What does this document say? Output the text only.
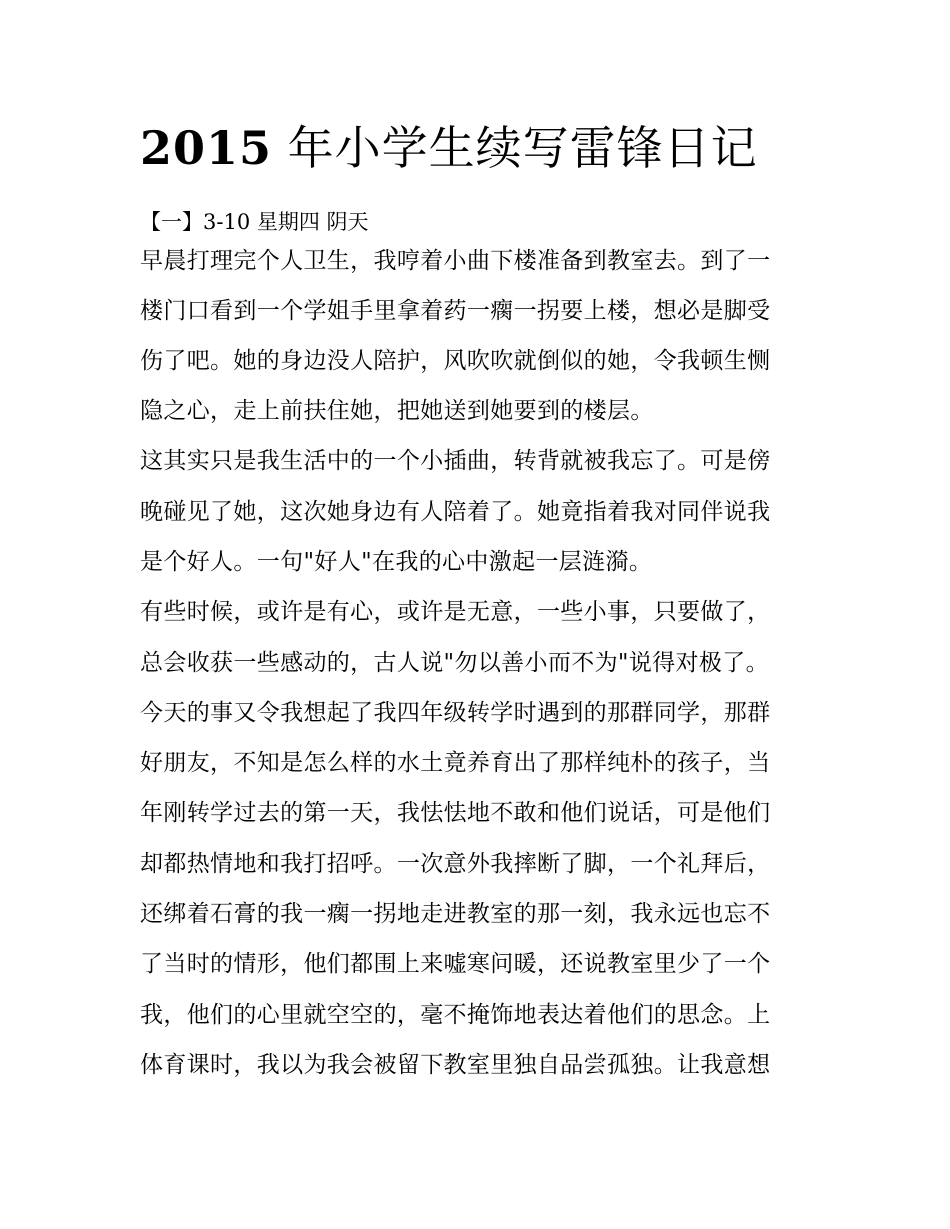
2015 年小学生续写雷锋日记

【一】3-10 星期四 阴天

早晨打理完个人卫生，我哼着小曲下楼准备到教室去。到了一

楼门口看到一个学姐手里拿着药一瘸一拐要上楼，想必是脚受

伤了吧。她的身边没人陪护，风吹吹就倒似的她，令我顿生恻

隐之心，走上前扶住她，把她送到她要到的楼层。

这其实只是我生活中的一个小插曲，转背就被我忘了。可是傍

晚碰见了她，这次她身边有人陪着了。她竟指着我对同伴说我

是个好人。一句"好人"在我的心中激起一层涟漪。

有些时候，或许是有心，或许是无意，一些小事，只要做了，

总会收获一些感动的，古人说"勿以善小而不为"说得对极了。

今天的事又令我想起了我四年级转学时遇到的那群同学，那群

好朋友，不知是怎么样的水土竟养育出了那样纯朴的孩子，当

年刚转学过去的第一天，我怯怯地不敢和他们说话，可是他们

却都热情地和我打招呼。一次意外我摔断了脚，一个礼拜后，

还绑着石膏的我一瘸一拐地走进教室的那一刻，我永远也忘不

了当时的情形，他们都围上来嘘寒问暖，还说教室里少了一个

我，他们的心里就空空的，毫不掩饰地表达着他们的思念。上

体育课时，我以为我会被留下教室里独自品尝孤独。让我意想
